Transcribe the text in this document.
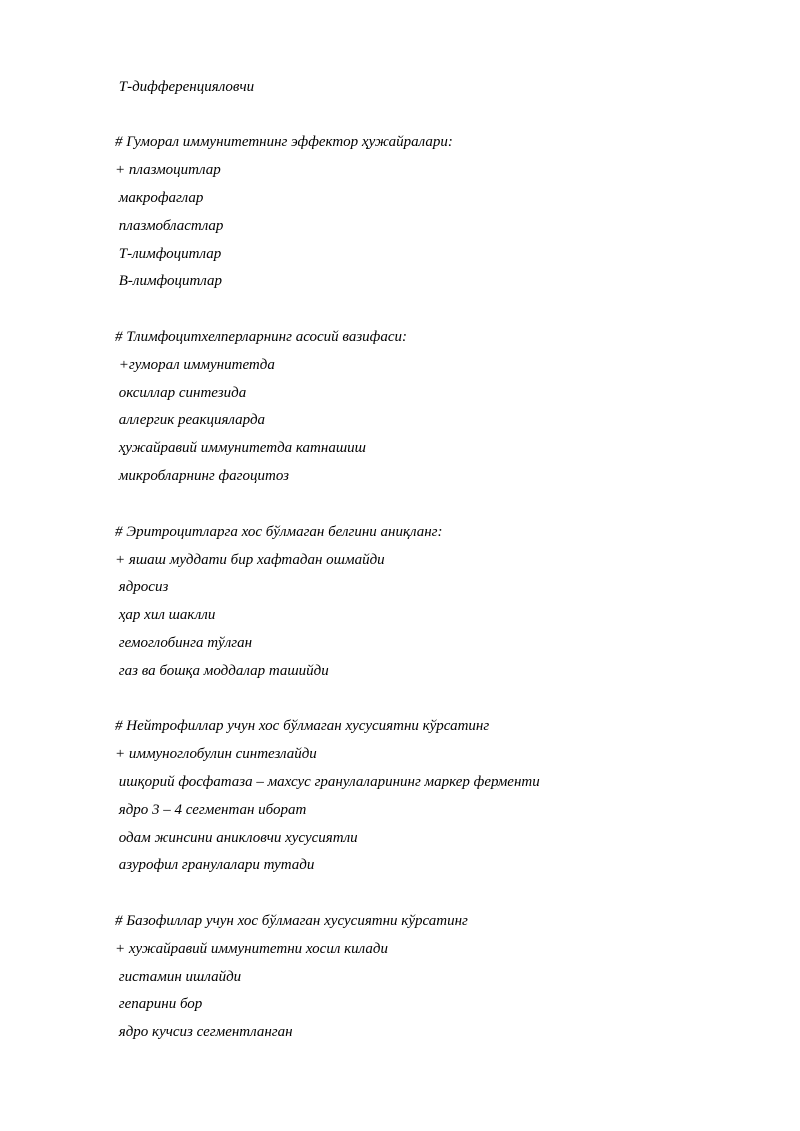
Т-дифференцияловчи
# Гуморал иммунитетнинг эффектор ҳужайралари:
+ плазмоцитлар
макрофаглар
плазмобластлар
Т-лимфоцитлар
В-лимфоцитлар
# Тлимфоцитхелперларнинг асосий вазифаси:
+гуморал иммунитетда
оксиллар синтезида
аллергик реакцияларда
ҳужайравий иммунитетда катнашиш
микробларнинг фагоцитоз
# Эритроцитларга хос бўлмаган белгини аниқланг:
+ яшаш муддати бир хафтадан ошмайди
ядросиз
ҳар хил шаклли
гемоглобинга тўлган
газ ва бошқа моддалар ташийди
# Нейтрофиллар учун хос бўлмаган хусусиятни кўрсатинг
+ иммуноглобулин синтезлайди
ишқорий фосфатаза – махсус гранулаларининг маркер ферменти
ядро 3 – 4 сегментан иборат
одам жинсини аникловчи хусусиятли
азурофил гранулалари тутади
# Базофиллар учун хос бўлмаган хусусиятни кўрсатинг
+ хужайравий иммунитетни хосил килади
гистамин ишлайди
гепарини бор
ядро кучсиз сегментланган
